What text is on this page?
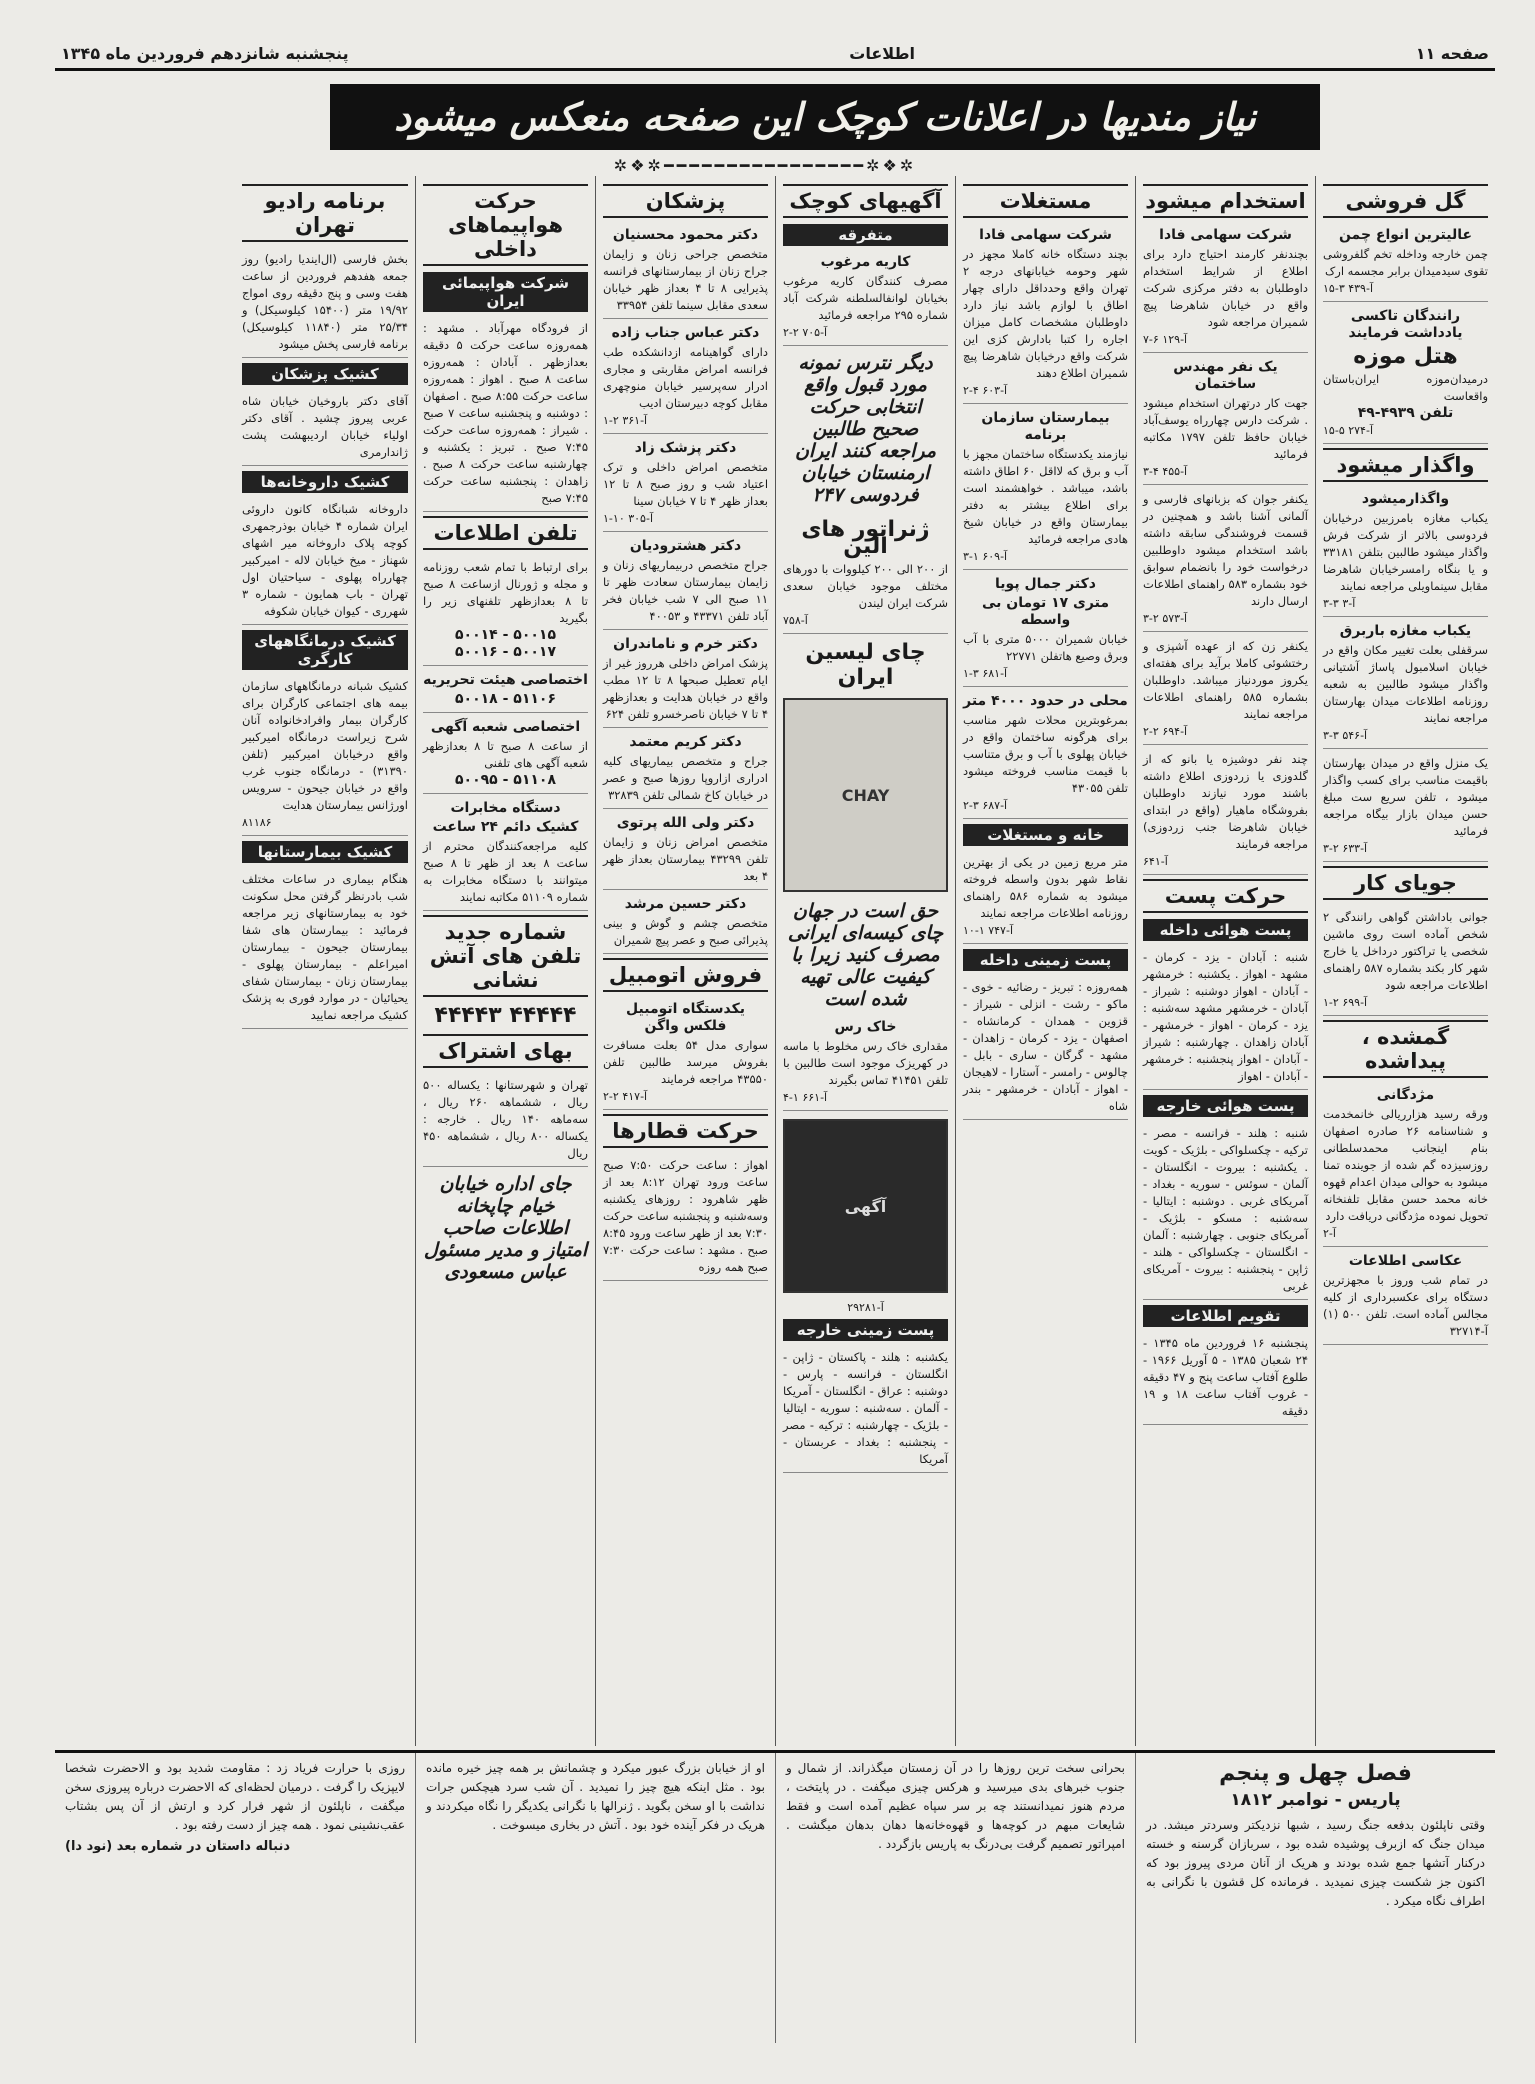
صفحه ۱۱
اطلاعات
پنجشنبه شانزدهم فروردین ماه ۱۳۴۵
نیاز مندیها در اعلانات کوچک این صفحه منعکس میشود
✲❖✲━━━━━━━━━━━━━━━━✲❖✲
گل فروشی
عالیترین انواع چمن
چمن خارجه وداخله تخم گلفروشی تقوی سیدمیدان برابر مجسمه ارک
آ-۴۳۹ ۳-۱۵
رانندگان تاکسی یادداشت فرمایند
هتل موزه
درمیدان‌موزه ایران‌باستان واقعاست
تلفن ۴۹۳۹-۴۹
آ-۲۷۴ ۵-۱۵
واگذار میشود
واگذارمیشود
یکباب مغازه بامرزبین درخیابان فردوسی بالاتر از شرکت فرش واگذار میشود طالبین بتلفن ۳۳۱۸۱ و یا بنگاه رامسرخیابان شاهرضا مقابل سینماویلی مراجعه نمایند
آ-۳ ۳-۳
یکباب مغازه باربرق
سرقفلی بعلت تغییر مکان واقع در خیابان اسلامبول پاساژ آشتیانی واگذار میشود طالبین به شعبه روزنامه اطلاعات میدان بهارستان مراجعه نمایند
آ-۵۴۶ ۳-۳
یک منزل واقع در میدان بهارستان باقیمت مناسب برای کسب واگذار میشود ، تلفن سریع ست مبلغ حسن میدان بازار بیگاه مراجعه فرمائید
آ-۶۳۳ ۲-۳
جویای کار
جوانی باداشتن گواهی رانندگی ۲ شخص آماده است روی ماشین شخصی یا تراکتور درداخل یا خارج شهر کار بکند بشماره ۵۸۷ راهنمای اطلاعات مراجعه شود
آ-۶۹۹ ۲-۱
گمشده ، پیداشده
مژدگانی
ورقه رسید هزارریالی خانمخدمت و شناسنامه ۲۶ صادره اصفهان بنام اینجانب محمدسلطانی روزسیزده گم شده از جوینده تمنا میشود به حوالی میدان اعدام قهوه خانه محمد حسن مقابل تلفنخانه تحویل نموده مژدگانی دریافت دارد
آ-۲
عکاسی اطلاعات
در تمام شب وروز با مجهزترین دستگاه برای عکسبرداری از کلیه مجالس آماده است. تلفن ۵۰۰ (۱) آ-۳۲۷۱۴
استخدام میشود
شرکت سهامی فادا
بچندنفر کارمند احتیاج دارد برای اطلاع از شرایط استخدام داوطلبان به دفتر مرکزی شرکت واقع در خیابان شاهرضا پیچ شمیران مراجعه شود
آ-۱۲۹ ۶-۷
یک نفر مهندس ساختمان
جهت کار درتهران استخدام میشود . شرکت دارس چهارراه یوسف‌آباد خیابان حافظ تلفن ۱۷۹۷ مکاتبه فرمائید
آ-۴۵۵ ۴-۳
یکنفر جوان که بزبانهای فارسی و آلمانی آشنا باشد و همچنین در قسمت فروشندگی سابقه داشته باشد استخدام میشود داوطلبین درخواست خود را بانضمام سوابق خود بشماره ۵۸۳ راهنمای اطلاعات ارسال دارند
آ-۵۷۳ ۲-۳
یکنفر زن که از عهده آشپزی و رختشوئی کاملا برآید برای هفته‌ای یکروز موردنیاز میباشد. داوطلبان بشماره ۵۸۵ راهنمای اطلاعات مراجعه نمایند
آ-۶۹۴ ۲-۲
چند نفر دوشیزه یا بانو که از گلدوزی یا زردوزی اطلاع داشته باشند مورد نیازند داوطلبان بفروشگاه ماهیار (واقع در ابتدای خیابان شاهرضا جنب زردوزی) مراجعه فرمایند
آ-۶۴۱
حرکت پست
پست هوائی داخله
شنبه : آبادان - یزد - کرمان - مشهد - اهواز . یکشنبه : خرمشهر - آبادان - اهواز دوشنبه : شیراز - آبادان - خرمشهر مشهد سه‌شنبه : یزد - کرمان - اهواز - خرمشهر - آبادان زاهدان . چهارشنبه : شیراز - آبادان - اهواز پنجشنبه : خرمشهر - آبادان - اهواز
پست هوائی خارجه
شنبه : هلند - فرانسه - مصر - ترکیه - چکسلواکی - بلژیک - کویت . یکشنبه : بیروت - انگلستان - آلمان - سوئس - سوریه - بغداد - آمریکای غربی . دوشنبه : ایتالیا - سه‌شنبه : مسکو - بلژیک - آمریکای جنوبی . چهارشنبه : آلمان - انگلستان - چکسلواکی - هلند - ژاپن - پنجشنبه : بیروت - آمریکای غربی
تقویم اطلاعات
پنجشنبه ۱۶ فروردین ماه ۱۳۴۵ - ۲۴ شعبان ۱۳۸۵ - ۵ آوریل ۱۹۶۶ - طلوع آفتاب ساعت پنج و ۴۷ دقیقه - غروب آفتاب ساعت ۱۸ و ۱۹ دقیقه
مستغلات
شرکت سهامی فادا
بچند دستگاه خانه کاملا مجهز در شهر وحومه خیابانهای درجه ۲ تهران واقع وحدداقل دارای چهار اطاق با لوازم باشد نیاز دارد داوطلبان مشخصات کامل میزان اجاره را کتبا بادارش کزی این شرکت واقع درخیابان شاهرضا پیچ شمیران اطلاع دهند
آ-۶۰۳ ۴-۲
بیمارستان سازمان برنامه
نیازمند یکدستگاه ساختمان مجهز با آب و برق که لااقل ۶۰ اطاق داشته باشد، میباشد . خواهشمند است برای اطلاع بیشتر به دفتر بیمارستان واقع در خیابان شیخ هادی مراجعه فرمائید
آ-۶۰۹ ۱-۳
دکتر جمال پویا
متری ۱۷ تومان بی واسطه
خیابان شمیران ۵۰۰۰ متری با آب وبرق وصیع هاتفلن ۲۲۷۷۱
آ-۶۸۱ ۳-۱
محلی در حدود ۴۰۰۰ متر
بمرغوبترین محلات شهر مناسب برای هرگونه ساختمان واقع در خیابان پهلوی با آب و برق متناسب با قیمت مناسب فروخته میشود تلفن ۴۳۰۵۵
آ-۶۸۷ ۳-۲
خانه و مستغلات
متر مربع زمین در یکی از بهترین نقاط شهر بدون واسطه فروخته میشود به شماره ۵۸۶ راهنمای روزنامه اطلاعات مراجعه نمایند
آ-۷۴۷ ۱-۱۰
پست زمینی داخله
همه‌روزه : تبریز - رضائیه - خوی - ماکو - رشت - انزلی - شیراز - قزوین - همدان - کرمانشاه - اصفهان - یزد - کرمان - زاهدان - مشهد - گرگان - ساری - بابل - چالوس - رامسر - آستارا - لاهیجان - اهواز - آبادان - خرمشهر - بندر شاه
آگهیهای کوچک
متفرقه
کاریه مرغوب
مصرف کنندگان کاریه مرغوب بخیابان لوانفالسلطنه شرکت آباد شماره ۲۹۵ مراجعه فرمائید
آ-۷۰۵ ۲-۲
دیگر نترس نمونه مورد قبول واقع انتخابی حرکت صحیح طالبین مراجعه کنند ایران ارمنستان خیابان فردوسی ۲۴۷
ژنراتور های الین
از ۲۰۰ الی ۲۰۰ کیلووات با دورهای مختلف موجود خیابان سعدی شرکت ایران لیندن
آ-۷۵۸
چای لیسین ایران
CHAY
حق است در جهان چای کیسه‌ای ایرانی مصرف کنید زیرا با کیفیت عالی تهیه شده است
خاک رس
مقداری خاک رس مخلوط با ماسه در کهریزک موجود است طالبین با تلفن ۴۱۴۵۱ تماس بگیرند
آ-۶۶۱ ۱-۴
آگهی
آ-۲۹۲۸۱
پست زمینی خارجه
یکشنبه : هلند - پاکستان - ژاپن - انگلستان - فرانسه - پارس - دوشنبه : عراق - انگلستان - آمریکا - آلمان . سه‌شنبه : سوریه - ایتالیا - بلژیک - چهارشنبه : ترکیه - مصر - پنجشنبه : بغداد - عربستان - آمریکا
پزشکان
دکتر محمود محسنیان
متخصص جراحی زنان و زایمان جراح زنان از بیمارستانهای فرانسه پذیرایی ۸ تا ۴ بعداز ظهر خیابان سعدی مقابل سینما تلفن ۳۳۹۵۴
دکتر عباس جناب زاده
دارای گواهینامه ازدانشکده طب فرانسه امراض مقاربتی و مجاری ادرار سه‌پرسیر خیابان منوچهری مقابل کوچه دبیرستان ادیب
آ-۳۶۱ ۲-۱
دکتر پزشک زاد
متخصص امراض داخلی و ترک اعتیاد شب و روز صبح ۸ تا ۱۲ بعداز ظهر ۴ تا ۷ خیابان سینا
آ-۳۰۵ ۱۰-۱
دکتر هشترودیان
جراح متخصص دربیماریهای زنان و زایمان بیمارستان سعادت ظهر تا ۱۱ صبح الی ۷ شب خیابان فخر آباد تلفن ۴۳۳۷۱ و ۴۰۰۵۳
دکتر خرم و ناماندران
پزشک امراض داخلی هرروز غیر از ایام تعطیل صبحها ۸ تا ۱۲ مطب واقع در خیابان هدایت و بعدازظهر ۴ تا ۷ خیابان ناصرخسرو تلفن ۶۲۴
دکتر کریم معتمد
جراح و متخصص بیماریهای کلیه ادراری ازاروپا روزها صبح و عصر در خیابان کاخ شمالی تلفن ۳۲۸۳۹
دکتر ولی الله پرتوی
متخصص امراض زنان و زایمان تلفن ۴۳۲۹۹ بیمارستان بعداز ظهر ۴ بعد
دکتر حسین مرشد
متخصص چشم و گوش و بینی پذیرائی صبح و عصر پیچ شمیران
فروش اتومبیل
یکدستگاه اتومبیل فلکس واگن
سواری مدل ۵۴ بعلت مسافرت بفروش میرسد طالبین تلفن ۴۳۵۵۰ مراجعه فرمایند
آ-۴۱۷ ۲-۲
حرکت قطارها
اهواز : ساعت حرکت ۷:۵۰ صبح ساعت ورود تهران ۸:۱۲ بعد از ظهر شاهرود : روزهای یکشنبه وسه‌شنبه و پنجشنبه ساعت حرکت ۷:۳۰ بعد از ظهر ساعت ورود ۸:۴۵ صبح . مشهد : ساعت حرکت ۷:۳۰ صبح همه روزه
حرکت هواپیماهای داخلی
شرکت هواپیمائی ایران
از فرودگاه مهرآباد . مشهد : همه‌روزه ساعت حرکت ۵ دقیقه بعدازظهر . آبادان : همه‌روزه ساعت ۸ صبح . اهواز : همه‌روزه ساعت حرکت ۸:۵۵ صبح . اصفهان : دوشنبه و پنجشنبه ساعت ۷ صبح . شیراز : همه‌روزه ساعت حرکت ۷:۴۵ صبح . تبریز : یکشنبه و چهارشنبه ساعت حرکت ۸ صبح . زاهدان : پنجشنبه ساعت حرکت ۷:۴۵ صبح
تلفن اطلاعات
برای ارتباط با تمام شعب روزنامه و مجله و ژورنال ازساعت ۸ صبح تا ۸ بعدازظهر تلفنهای زیر را بگیرید
۵۰۰۱۵ - ۵۰۰۱۴
۵۰۰۱۷ - ۵۰۰۱۶
اختصاصی هیئت تحریریه
۵۱۱۰۶ - ۵۰۰۱۸
اختصاصی شعبه آگهی
از ساعت ۸ صبح تا ۸ بعدازظهر شعبه آگهی های تلفنی
۵۱۱۰۸ - ۵۰۰۹۵
دستگاه مخابرات
کشیک دائم ۲۴ ساعت
کلیه مراجعه‌کنندگان محترم از ساعت ۸ بعد از ظهر تا ۸ صبح میتوانند با دستگاه مخابرات به شماره ۵۱۱۰۹ مکاتبه نمایند
شماره جدید تلفن های آتش نشانی
۴۴۴۴۴ ۴۴۴۴۳
بهای اشتراک
تهران و شهرستانها : یکساله ۵۰۰ ریال ، ششماهه ۲۶۰ ریال ، سه‌ماهه ۱۴۰ ریال . خارجه : یکساله ۸۰۰ ریال ، ششماهه ۴۵۰ ریال
جای اداره خیابان خیام چاپخانه اطلاعات صاحب امتیاز و مدیر مسئول عباس مسعودی
برنامه رادیو تهران
بخش فارسی (ال‌ایندیا رادیو) روز جمعه هفدهم فروردین از ساعت هفت وسی و پنج دقیقه روی امواج ۱۹/۹۲ متر (۱۵۴۰۰ کیلوسیکل) و ۲۵/۳۴ متر (۱۱۸۴۰ کیلوسیکل) برنامه فارسی پخش میشود
کشیک پزشکان
آقای دکتر باروخیان خیابان شاه عربی پیروز چشید . آقای دکتر اولیاء خیابان اردیبهشت پشت ژاندارمری
کشیک داروخانه‌ها
داروخانه شبانگاه کانون داروئی ایران شماره ۴ خیابان بوذرجمهری کوچه پلاک داروخانه میر اشهای شهناز - میخ خیابان لاله - امیرکبیر چهارراه پهلوی - سیاحتیان اول تهران - باب همایون - شماره ۳ شهرری - کیوان خیابان شکوفه
کشیک درمانگاههای کارگری
کشیک شبانه درمانگاههای سازمان بیمه های اجتماعی کارگران برای کارگران بیمار وافرادخانواده آنان شرح زیراست درمانگاه امیرکبیر واقع درخیابان امیرکبیر (تلفن ۳۱۳۹۰) - درمانگاه جنوب غرب واقع در خیابان جیحون - سرویس اورژانس بیمارستان هدایت
۸۱۱۸۶
کشیک بیمارستانها
هنگام بیماری در ساعات مختلف شب بادرنظر گرفتن محل سکونت خود به بیمارستانهای زیر مراجعه فرمائید : بیمارستان های شفا بیمارستان جیحون - بیمارستان امیراعلم - بیمارستان پهلوی - بیمارستان زنان - بیمارستان شفای یحیائیان - در موارد فوری به پزشک کشیک مراجعه نمایید
فصل چهل و پنجم
پاریس - نوامبر ۱۸۱۲
وقتی ناپلئون بدفعه جنگ رسید ، شبها نزدیکتر وسردتر میشد. در میدان جنگ که ازبرف پوشیده شده بود ، سربازان گرسنه و خسته درکنار آتشها جمع شده بودند و هریک از آنان مردی پیروز بود که اکنون جز شکست چیزی نمیدید . فرمانده کل قشون با نگرانی به اطراف نگاه میکرد .
بحرانی سخت ترین روزها را در آن زمستان میگذراند. از شمال و جنوب خبرهای بدی میرسید و هرکس چیزی میگفت . در پایتخت ، مردم هنوز نمیدانستند چه بر سر سپاه عظیم آمده است و فقط شایعات مبهم در کوچه‌ها و قهوه‌خانه‌ها دهان بدهان میگشت . امپراتور تصمیم گرفت بی‌درنگ به پاریس بازگردد .
او از خیابان بزرگ عبور میکرد و چشمانش بر همه چیز خیره مانده بود . مثل اینکه هیچ چیز را نمیدید . آن شب سرد هیچکس جرات نداشت با او سخن بگوید . ژنرالها با نگرانی یکدیگر را نگاه میکردند و هریک در فکر آینده خود بود . آتش در بخاری میسوخت .
روزی با حرارت فریاد زد : مقاومت شدید بود و الاحضرت شخصا لایپزیک را گرفت . درمیان لحظه‌ای که الاحضرت درباره پیروزی سخن میگفت ، ناپلئون از شهر فرار کرد و ارتش از آن پس بشتاب عقب‌نشینی نمود . همه چیز از دست رفته بود .
دنباله داستان در شماره بعد (نود دا)
